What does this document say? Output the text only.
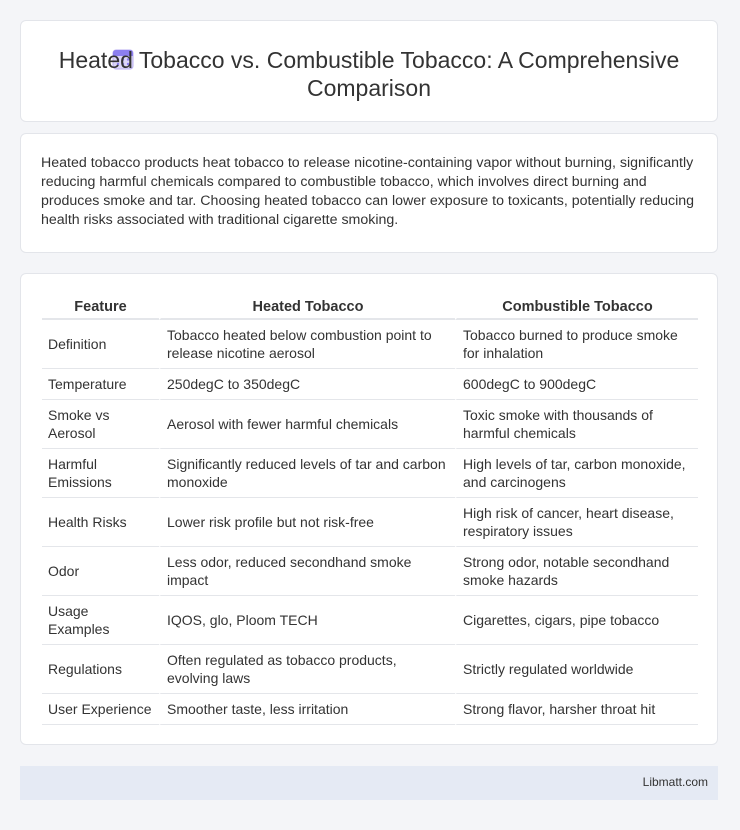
Heated Tobacco vs. Combustible Tobacco: A Comprehensive Comparison

Heated tobacco products heat tobacco to release nicotine-containing vapor without burning, significantly reducing harmful chemicals compared to combustible tobacco, which involves direct burning and produces smoke and tar. Choosing heated tobacco can lower exposure to toxicants, potentially reducing health risks associated with traditional cigarette smoking.

Feature	Heated Tobacco	Combustible Tobacco
Definition	Tobacco heated below combustion point to release nicotine aerosol	Tobacco burned to produce smoke for inhalation
Temperature	250degC to 350degC	600degC to 900degC
Smoke vs Aerosol	Aerosol with fewer harmful chemicals	Toxic smoke with thousands of harmful chemicals
Harmful Emissions	Significantly reduced levels of tar and carbon monoxide	High levels of tar, carbon monoxide, and carcinogens
Health Risks	Lower risk profile but not risk-free	High risk of cancer, heart disease, respiratory issues
Odor	Less odor, reduced secondhand smoke impact	Strong odor, notable secondhand smoke hazards
Usage Examples	IQOS, glo, Ploom TECH	Cigarettes, cigars, pipe tobacco
Regulations	Often regulated as tobacco products, evolving laws	Strictly regulated worldwide
User Experience	Smoother taste, less irritation	Strong flavor, harsher throat hit
Libmatt.com
